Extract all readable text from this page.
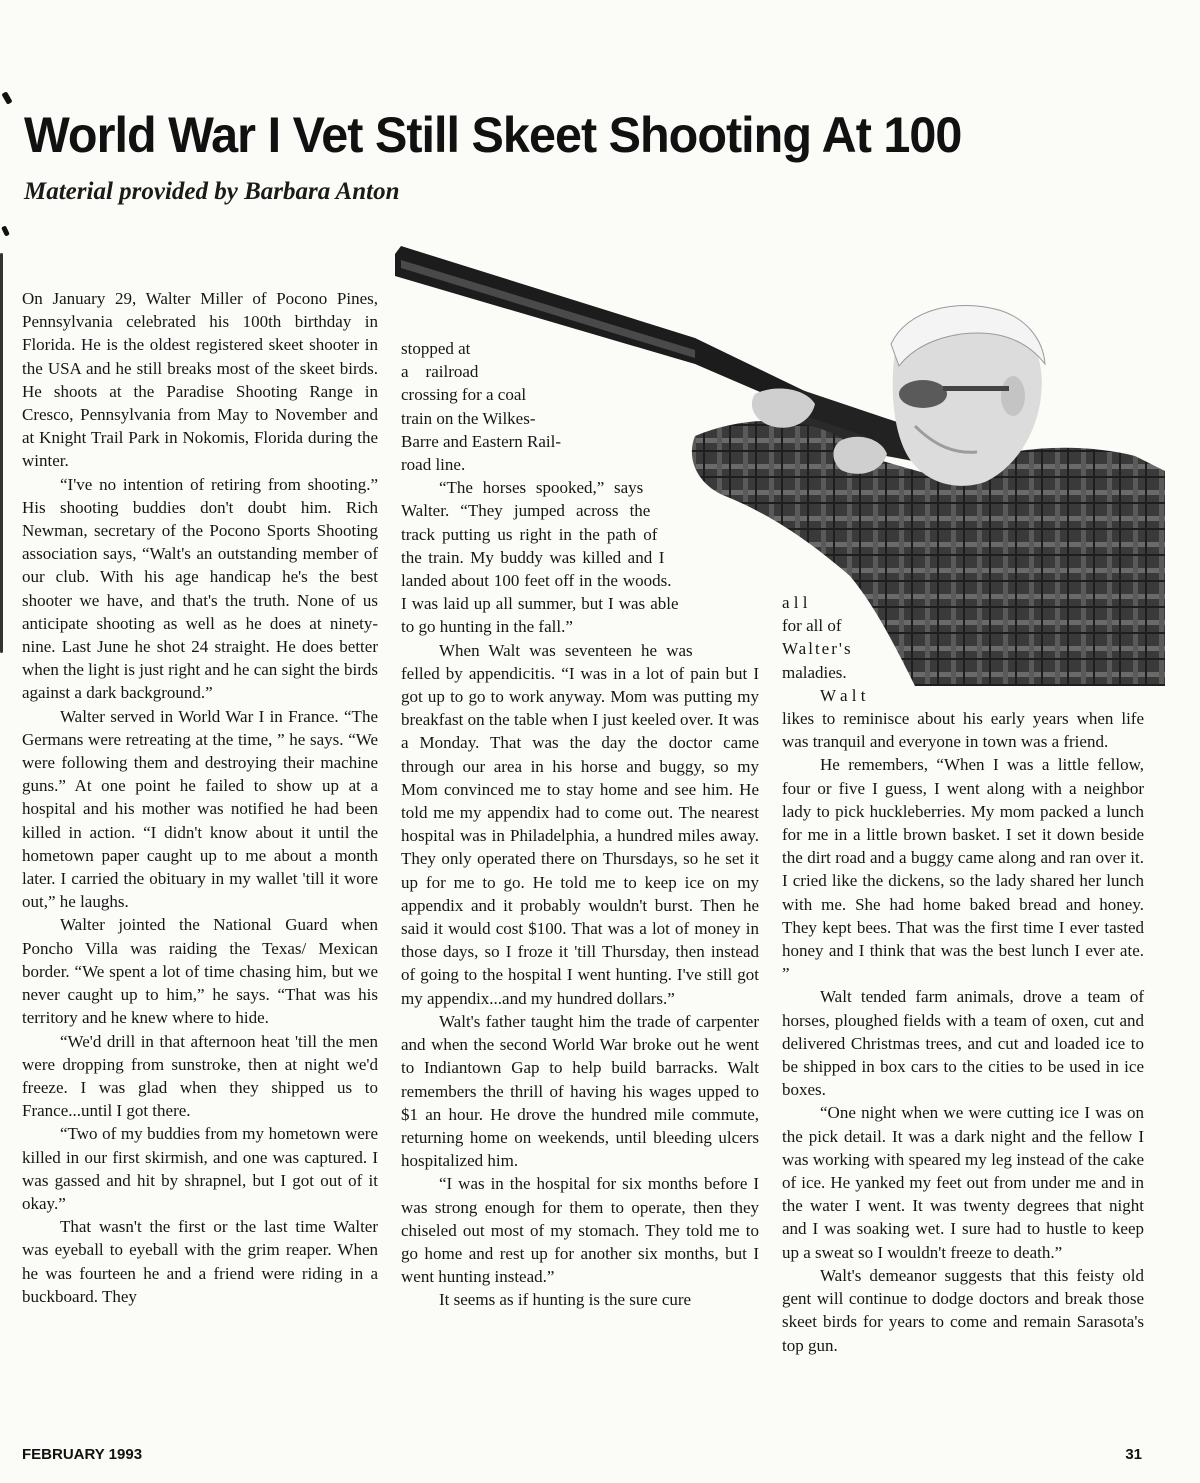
World War I Vet Still Skeet Shooting At 100
Material provided by Barbara Anton

On January 29, Walter Miller of Pocono Pines, Pennsylvania celebrated his 100th birthday in Florida. He is the oldest registered skeet shooter in the USA and he still breaks most of the skeet birds. He shoots at the Paradise Shooting Range in Cresco, Pennsylvania from May to November and at Knight Trail Park in Nokomis, Florida during the winter.

“I've no intention of retiring from shooting.” His shooting buddies don't doubt him. Rich Newman, secretary of the Pocono Sports Shooting association says, “Walt's an outstanding member of our club. With his age handicap he's the best shooter we have, and that's the truth. None of us anticipate shooting as well as he does at ninety-nine. Last June he shot 24 straight. He does better when the light is just right and he can sight the birds against a dark background.”

Walter served in World War I in France. “The Germans were retreating at the time, ” he says. “We were following them and destroying their machine guns.” At one point he failed to show up at a hospital and his mother was notified he had been killed in action. “I didn't know about it until the hometown paper caught up to me about a month later. I carried the obituary in my wallet 'till it wore out,” he laughs.

Walter jointed the National Guard when Poncho Villa was raiding the Texas/ Mexican border. “We spent a lot of time chasing him, but we never caught up to him,” he says. “That was his territory and he knew where to hide.

“We'd drill in that afternoon heat 'till the men were dropping from sunstroke, then at night we'd freeze. I was glad when they shipped us to France...until I got there.

“Two of my buddies from my hometown were killed in our first skirmish, and one was captured. I was gassed and hit by shrapnel, but I got out of it okay.”

That wasn't the first or the last time Walter was eyeball to eyeball with the grim reaper. When he was fourteen he and a friend were riding in a buckboard. They

stopped at
a    railroad
crossing for a coal
train on the Wilkes-
Barre and Eastern Rail-
road line.

“The horses spooked,” says Walter. “They jumped across the track putting us right in the path of the train. My buddy was killed and I landed about 100 feet off in the woods. I was laid up all summer, but I was able to go hunting in the fall.”

When Walt was seventeen he was felled by appendicitis. “I was in a lot of pain but I got up to go to work anyway. Mom was putting my breakfast on the table when I just keeled over. It was a Monday. That was the day the doctor came through our area in his horse and buggy, so my Mom convinced me to stay home and see him. He told me my appendix had to come out. The nearest hospital was in Philadelphia, a hundred miles away. They only operated there on Thursdays, so he set it up for me to go. He told me to keep ice on my appendix and it probably wouldn't burst. Then he said it would cost $100. That was a lot of money in those days, so I froze it 'till Thursday, then instead of going to the hospital I went hunting. I've still got my appendix...and my hundred dollars.”

Walt's father taught him the trade of carpenter and when the second World War broke out he went to Indiantown Gap to help build barracks. Walt remembers the thrill of having his wages upped to $1 an hour. He drove the hundred mile commute, returning home on weekends, until bleeding ulcers hospitalized him.

“I was in the hospital for six months before I was strong enough for them to operate, then they chiseled out most of my stomach. They told me to go home and rest up for another six months, but I went hunting instead.”

It seems as if hunting is the sure cure

a l l
for all of
Walter's
maladies.
W a l t

likes to reminisce about his early years when life was tranquil and everyone in town was a friend.

He remembers, “When I was a little fellow, four or five I guess, I went along with a neighbor lady to pick huckleberries. My mom packed a lunch for me in a little brown basket. I set it down beside the dirt road and a buggy came along and ran over it. I cried like the dickens, so the lady shared her lunch with me. She had home baked bread and honey. They kept bees. That was the first time I ever tasted honey and I think that was the best lunch I ever ate. ”

Walt tended farm animals, drove a team of horses, ploughed fields with a team of oxen, cut and delivered Christmas trees, and cut and loaded ice to be shipped in box cars to the cities to be used in ice boxes.

“One night when we were cutting ice I was on the pick detail. It was a dark night and the fellow I was working with speared my leg instead of the cake of ice. He yanked my feet out from under me and in the water I went. It was twenty degrees that night and I was soaking wet. I sure had to hustle to keep up a sweat so I wouldn't freeze to death.”

Walt's demeanor suggests that this feisty old gent will continue to dodge doctors and break those skeet birds for years to come and remain Sarasota's top gun.

FEBRUARY 1993	31
